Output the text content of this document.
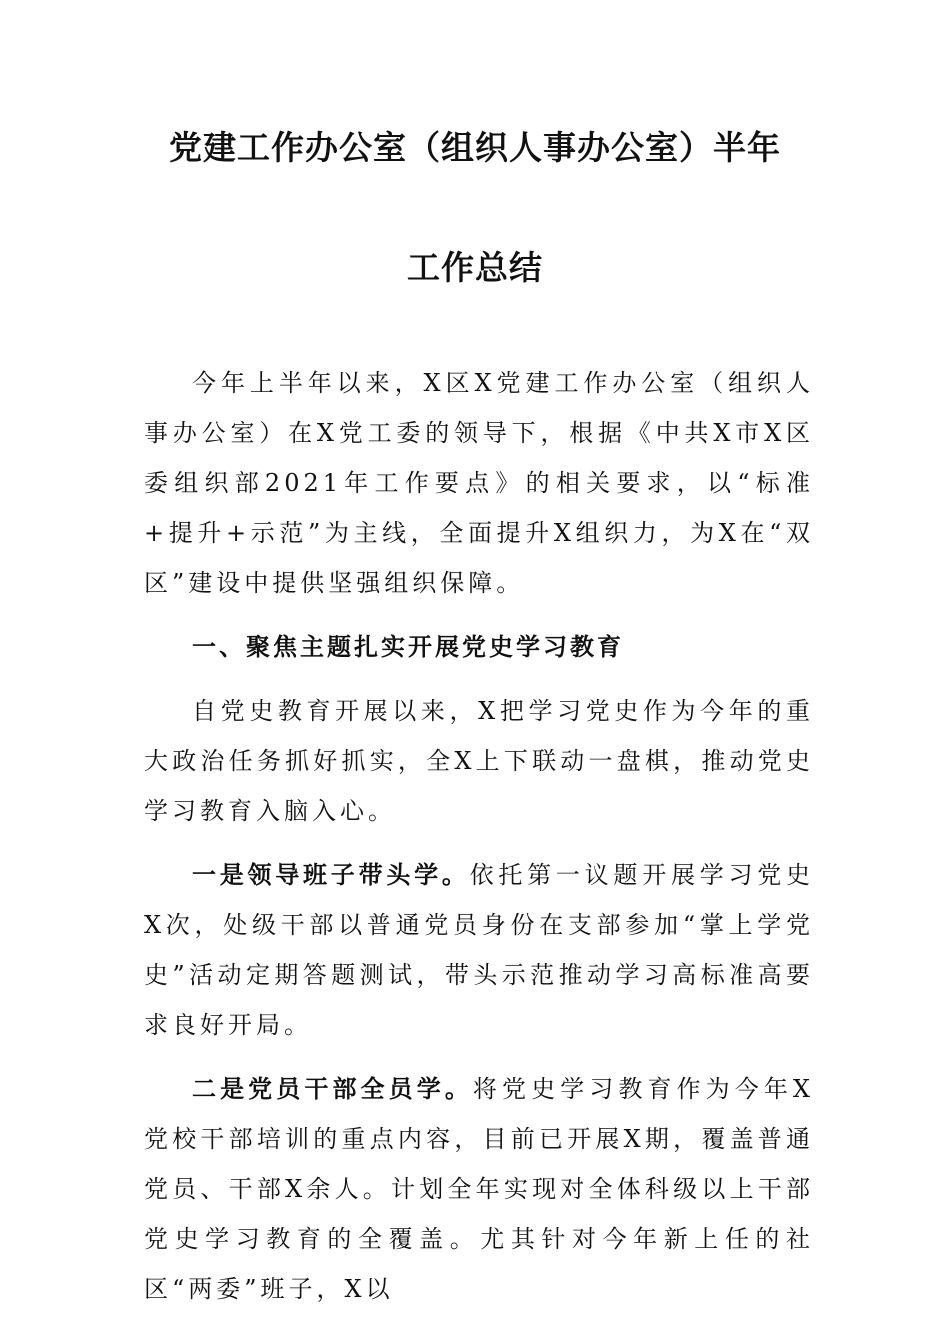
党建工作办公室（组织人事办公室）半年
工作总结

今年上半年以来，X区X党建工作办公室（组织人事办公室）在X党工委的领导下，根据《中共X市X区委组织部2021年工作要点》的相关要求，以“标准+提升+示范”为主线，全面提升X组织力，为X在“双区”建设中提供坚强组织保障。

一、聚焦主题扎实开展党史学习教育

自党史教育开展以来，X把学习党史作为今年的重大政治任务抓好抓实，全X上下联动一盘棋，推动党史学习教育入脑入心。

一是领导班子带头学。依托第一议题开展学习党史X次，处级干部以普通党员身份在支部参加“掌上学党史”活动定期答题测试，带头示范推动学习高标准高要求良好开局。

二是党员干部全员学。将党史学习教育作为今年X党校干部培训的重点内容，目前已开展X期，覆盖普通党员、干部X余人。计划全年实现对全体科级以上干部党史学习教育的全覆盖。尤其针对今年新上任的社区“两委”班子，X以
